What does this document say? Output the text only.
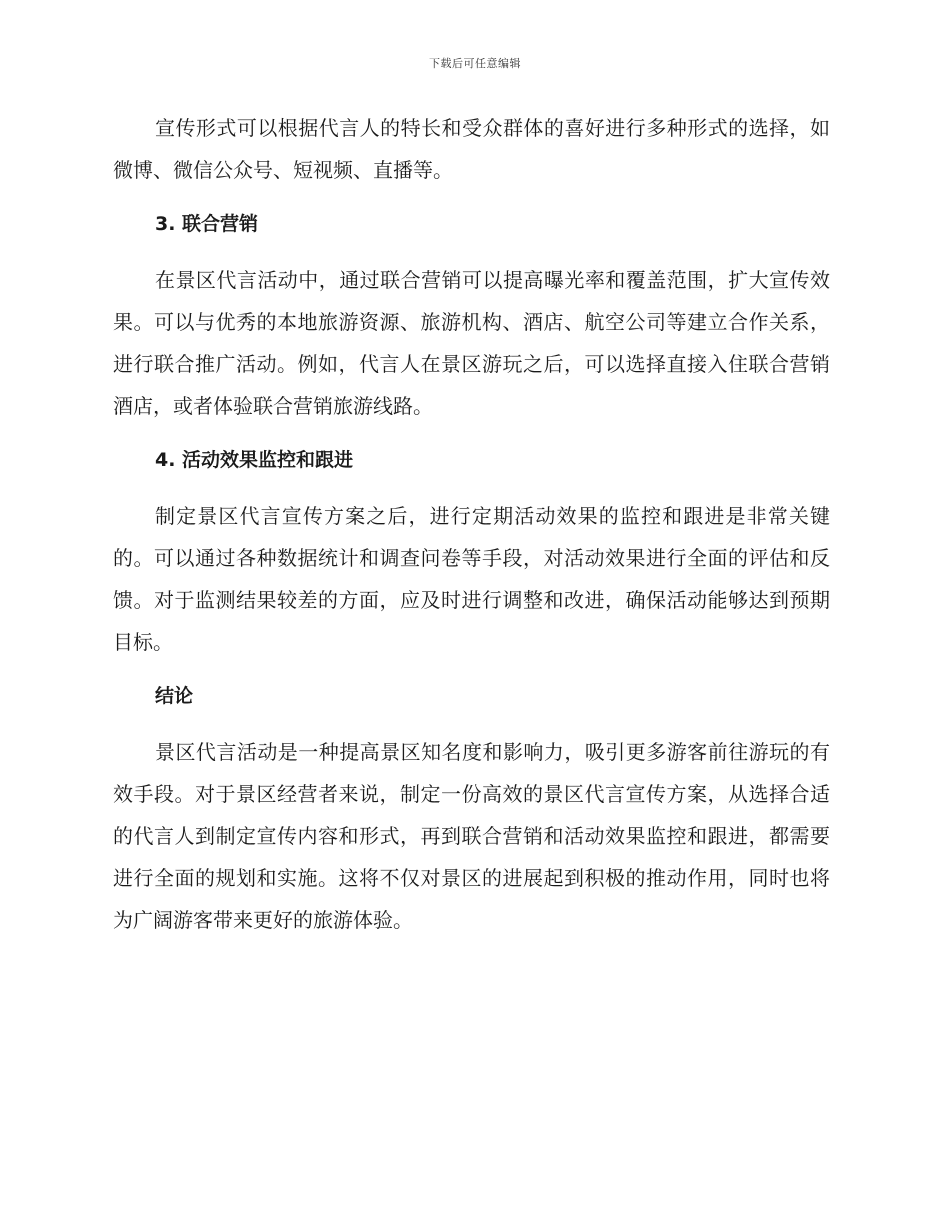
下载后可任意编辑

宣传形式可以根据代言人的特长和受众群体的喜好进行多种形式的选择，如微博、微信公众号、短视频、直播等。

3. 联合营销

在景区代言活动中，通过联合营销可以提高曝光率和覆盖范围，扩大宣传效果。可以与优秀的本地旅游资源、旅游机构、酒店、航空公司等建立合作关系，进行联合推广活动。例如，代言人在景区游玩之后，可以选择直接入住联合营销酒店，或者体验联合营销旅游线路。

4. 活动效果监控和跟进

制定景区代言宣传方案之后，进行定期活动效果的监控和跟进是非常关键的。可以通过各种数据统计和调查问卷等手段，对活动效果进行全面的评估和反馈。对于监测结果较差的方面，应及时进行调整和改进，确保活动能够达到预期目标。

结论

景区代言活动是一种提高景区知名度和影响力，吸引更多游客前往游玩的有效手段。对于景区经营者来说，制定一份高效的景区代言宣传方案，从选择合适的代言人到制定宣传内容和形式，再到联合营销和活动效果监控和跟进，都需要进行全面的规划和实施。这将不仅对景区的进展起到积极的推动作用，同时也将为广阔游客带来更好的旅游体验。
